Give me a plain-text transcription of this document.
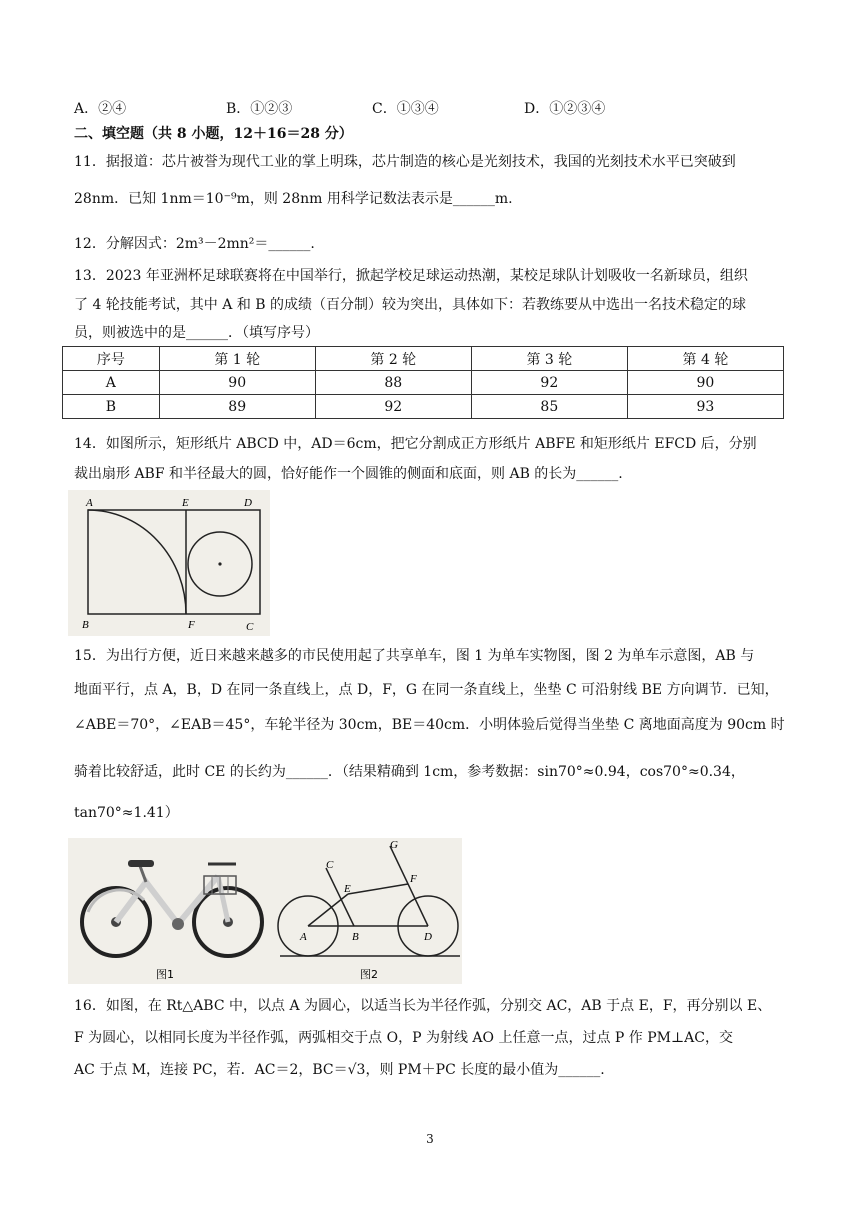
A．②④	B．①②③	C．①③④	D．①②③④
二、填空题（共 8 小题，12＋16＝28 分）
11．据报道：芯片被誉为现代工业的掌上明珠，芯片制造的核心是光刻技术，我国的光刻技术水平已突破到
28nm．已知 1nm＝10⁻⁹m，则 28nm 用科学记数法表示是______m.
12．分解因式：2m³－2mn²＝______.
13．2023 年亚洲杯足球联赛将在中国举行，掀起学校足球运动热潮，某校足球队计划吸收一名新球员，组织
了 4 轮技能考试，其中 A 和 B 的成绩（百分制）较为突出，具体如下：若教练要从中选出一名技术稳定的球
员，则被选中的是______．（填写序号）
序号	第 1 轮	第 2 轮	第 3 轮	第 4 轮
A	90	88	92	90
B	89	92	85	93
14．如图所示，矩形纸片 ABCD 中，AD＝6cm，把它分割成正方形纸片 ABFE 和矩形纸片 EFCD 后，分别
裁出扇形 ABF 和半径最大的圆，恰好能作一个圆锥的侧面和底面，则 AB 的长为______.
A	E	D
B	F	C
15．为出行方便，近日来越来越多的市民使用起了共享单车，图 1 为单车实物图，图 2 为单车示意图，AB 与
地面平行，点 A，B，D 在同一条直线上，点 D，F，G 在同一条直线上，坐垫 C 可沿射线 BE 方向调节．已知，
∠ABE＝70°，∠EAB＝45°，车轮半径为 30cm，BE＝40cm．小明体验后觉得当坐垫 C 离地面高度为 90cm 时
骑着比较舒适，此时 CE 的长约为______．（结果精确到 1cm，参考数据：sin70°≈0.94，cos70°≈0.34，
tan70°≈1.41）
图1
G
C
F
E
A	B	D
图2
16．如图，在 Rt△ABC 中，以点 A 为圆心，以适当长为半径作弧，分别交 AC，AB 于点 E，F，再分别以 E、
F 为圆心，以相同长度为半径作弧，两弧相交于点 O，P 为射线 AO 上任意一点，过点 P 作 PM⊥AC，交
AC 于点 M，连接 PC，若．AC＝2，BC＝√3，则 PM＋PC 长度的最小值为______.
3
